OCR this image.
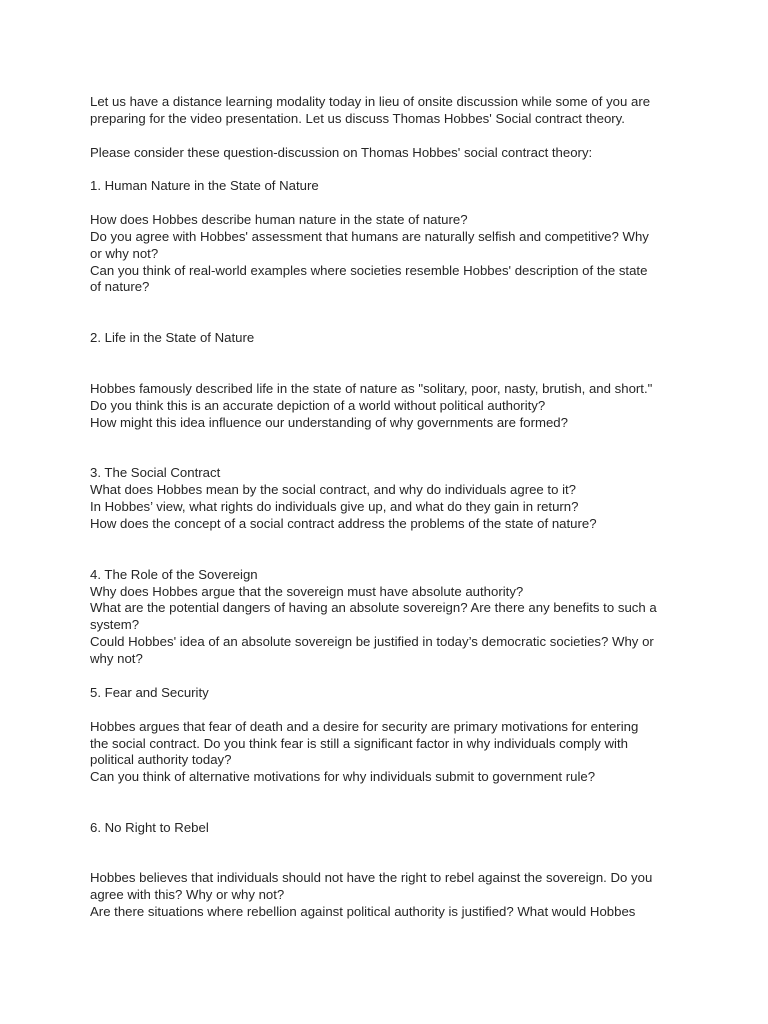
Let us have a distance learning modality today in lieu of onsite discussion while some of you are
preparing for the video presentation. Let us discuss Thomas Hobbes' Social contract theory.
Please consider these question-discussion on Thomas Hobbes' social contract theory:
1. Human Nature in the State of Nature
How does Hobbes describe human nature in the state of nature?
Do you agree with Hobbes' assessment that humans are naturally selfish and competitive? Why
or why not?
Can you think of real-world examples where societies resemble Hobbes' description of the state
of nature?
2. Life in the State of Nature
Hobbes famously described life in the state of nature as "solitary, poor, nasty, brutish, and short."
Do you think this is an accurate depiction of a world without political authority?
How might this idea influence our understanding of why governments are formed?
3. The Social Contract
What does Hobbes mean by the social contract, and why do individuals agree to it?
In Hobbes’ view, what rights do individuals give up, and what do they gain in return?
How does the concept of a social contract address the problems of the state of nature?
4. The Role of the Sovereign
Why does Hobbes argue that the sovereign must have absolute authority?
What are the potential dangers of having an absolute sovereign? Are there any benefits to such a
system?
Could Hobbes' idea of an absolute sovereign be justified in today’s democratic societies? Why or
why not?
5. Fear and Security
Hobbes argues that fear of death and a desire for security are primary motivations for entering
the social contract. Do you think fear is still a significant factor in why individuals comply with
political authority today?
Can you think of alternative motivations for why individuals submit to government rule?
6. No Right to Rebel
Hobbes believes that individuals should not have the right to rebel against the sovereign. Do you
agree with this? Why or why not?
Are there situations where rebellion against political authority is justified? What would Hobbes
